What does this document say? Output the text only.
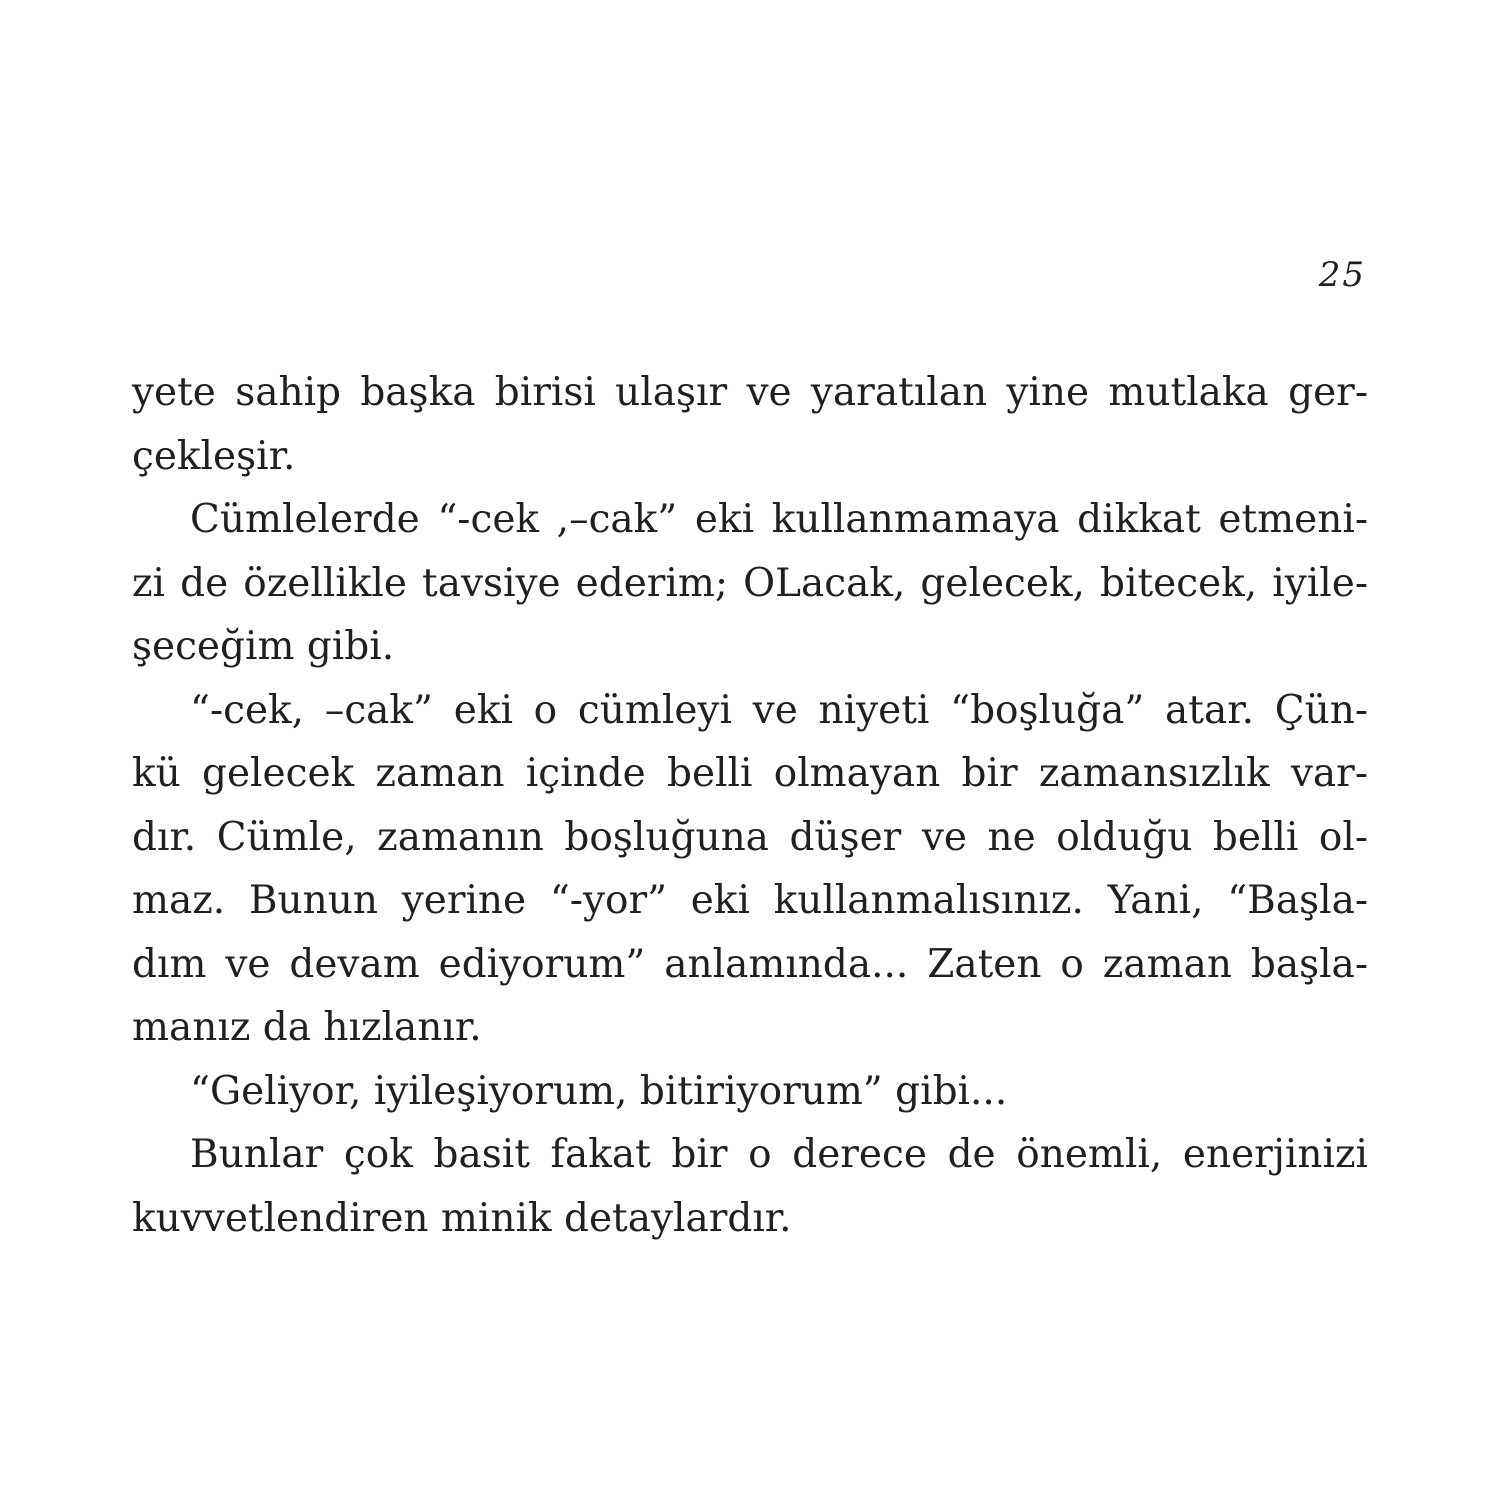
25
yete sahip başka birisi ulaşır ve yaratılan yine mutlaka ger-
çekleşir.
Cümlelerde “-cek ,–cak” eki kullanmamaya dikkat etmeni-
zi de özellikle tavsiye ederim; OLacak, gelecek, bitecek, iyile-
şeceğim gibi.
“-cek, –cak” eki o cümleyi ve niyeti “boşluğa” atar. Çün-
kü gelecek zaman içinde belli olmayan bir zamansızlık var-
dır. Cümle, zamanın boşluğuna düşer ve ne olduğu belli ol-
maz. Bunun yerine “-yor” eki kullanmalısınız. Yani, “Başla-
dım ve devam ediyorum” anlamında... Zaten o zaman başla-
manız da hızlanır.
“Geliyor, iyileşiyorum, bitiriyorum” gibi...
Bunlar çok basit fakat bir o derece de önemli, enerjinizi
kuvvetlendiren minik detaylardır.
